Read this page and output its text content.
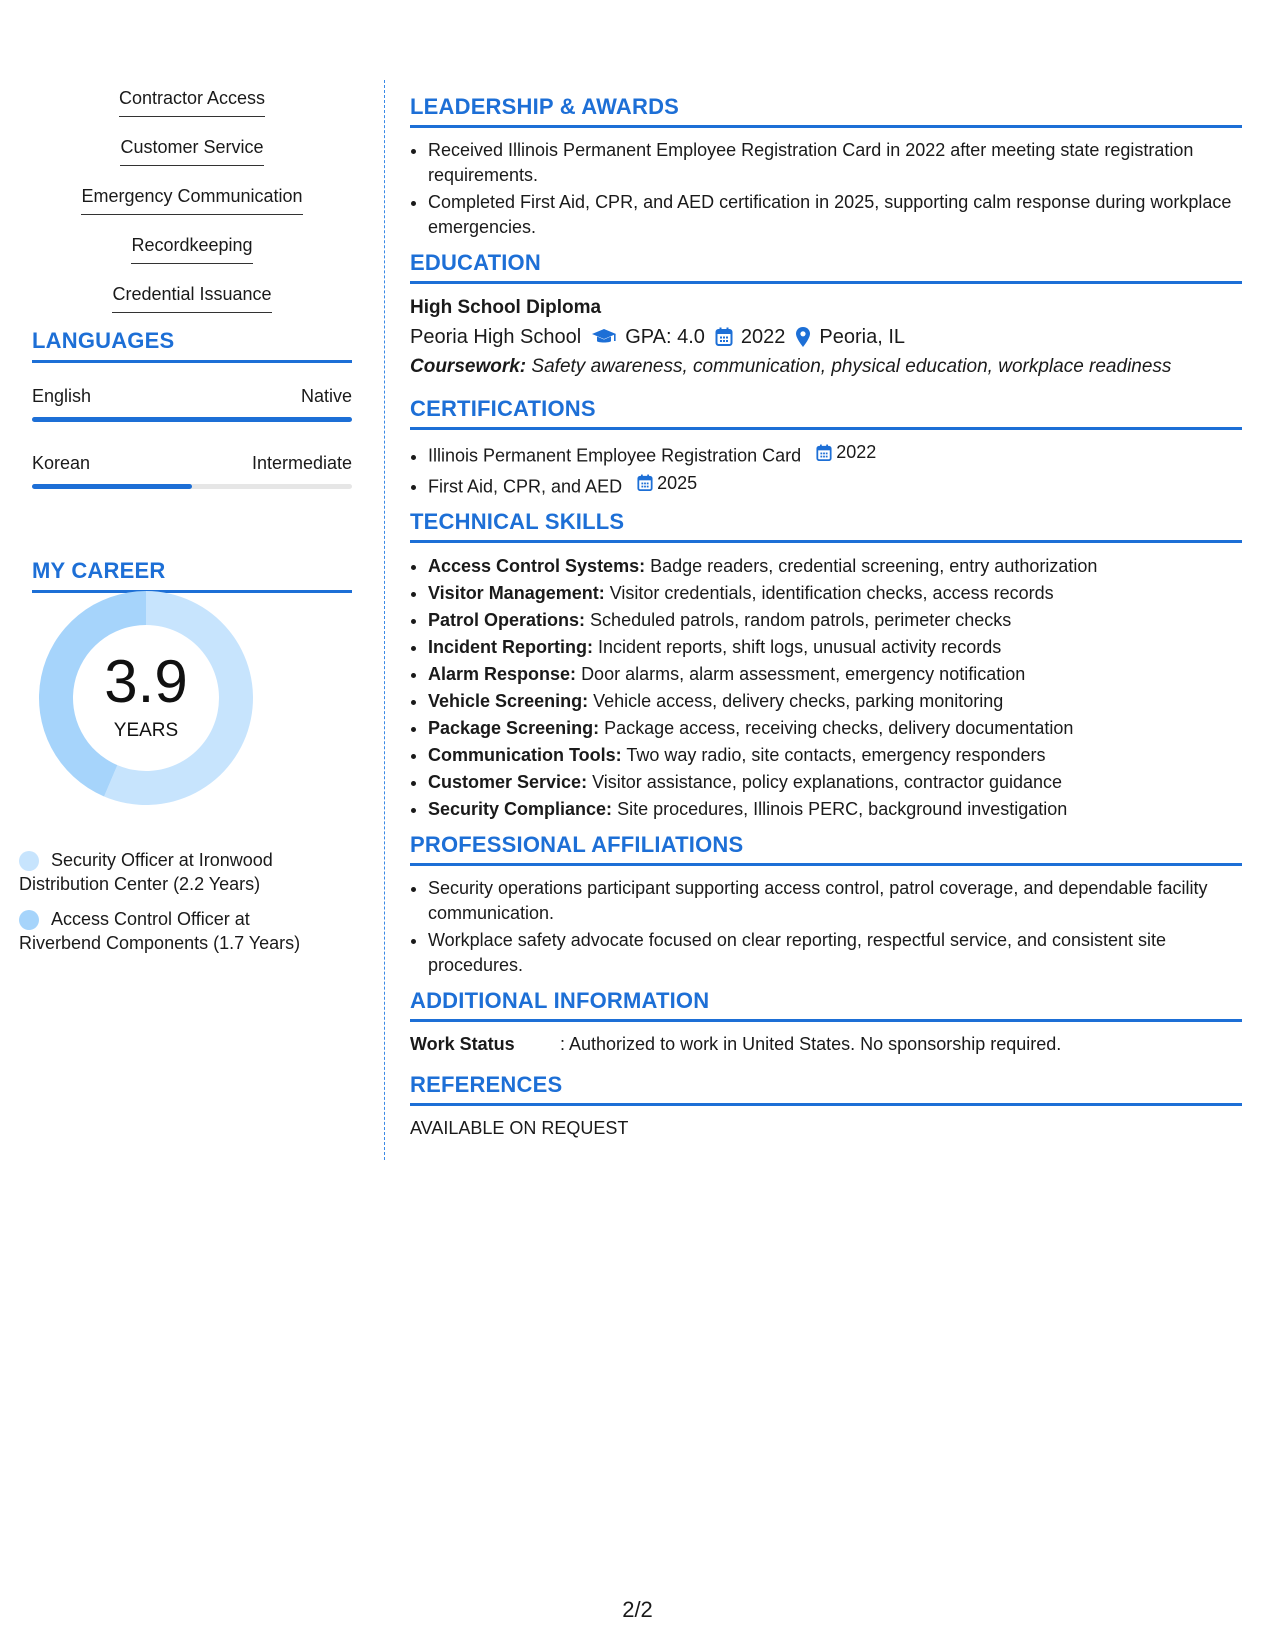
Contractor Access
Customer Service
Emergency Communication
Recordkeeping
Credential Issuance
LANGUAGES
English	Native
Korean	Intermediate
MY CAREER
3.9
YEARS
Security Officer at Ironwood Distribution Center (2.2 Years)
Access Control Officer at Riverbend Components (1.7 Years)
LEADERSHIP & AWARDS
• Received Illinois Permanent Employee Registration Card in 2022 after meeting state registration requirements.
• Completed First Aid, CPR, and AED certification in 2025, supporting calm response during workplace emergencies.
EDUCATION
High School Diploma
Peoria High School GPA: 4.0 2022 Peoria, IL
Coursework: Safety awareness, communication, physical education, workplace readiness
CERTIFICATIONS
• Illinois Permanent Employee Registration Card 2022
• First Aid, CPR, and AED 2025
TECHNICAL SKILLS
• Access Control Systems: Badge readers, credential screening, entry authorization
• Visitor Management: Visitor credentials, identification checks, access records
• Patrol Operations: Scheduled patrols, random patrols, perimeter checks
• Incident Reporting: Incident reports, shift logs, unusual activity records
• Alarm Response: Door alarms, alarm assessment, emergency notification
• Vehicle Screening: Vehicle access, delivery checks, parking monitoring
• Package Screening: Package access, receiving checks, delivery documentation
• Communication Tools: Two way radio, site contacts, emergency responders
• Customer Service: Visitor assistance, policy explanations, contractor guidance
• Security Compliance: Site procedures, Illinois PERC, background investigation
PROFESSIONAL AFFILIATIONS
• Security operations participant supporting access control, patrol coverage, and dependable facility communication.
• Workplace safety advocate focused on clear reporting, respectful service, and consistent site procedures.
ADDITIONAL INFORMATION
Work Status	: Authorized to work in United States. No sponsorship required.
REFERENCES
AVAILABLE ON REQUEST
2/2
